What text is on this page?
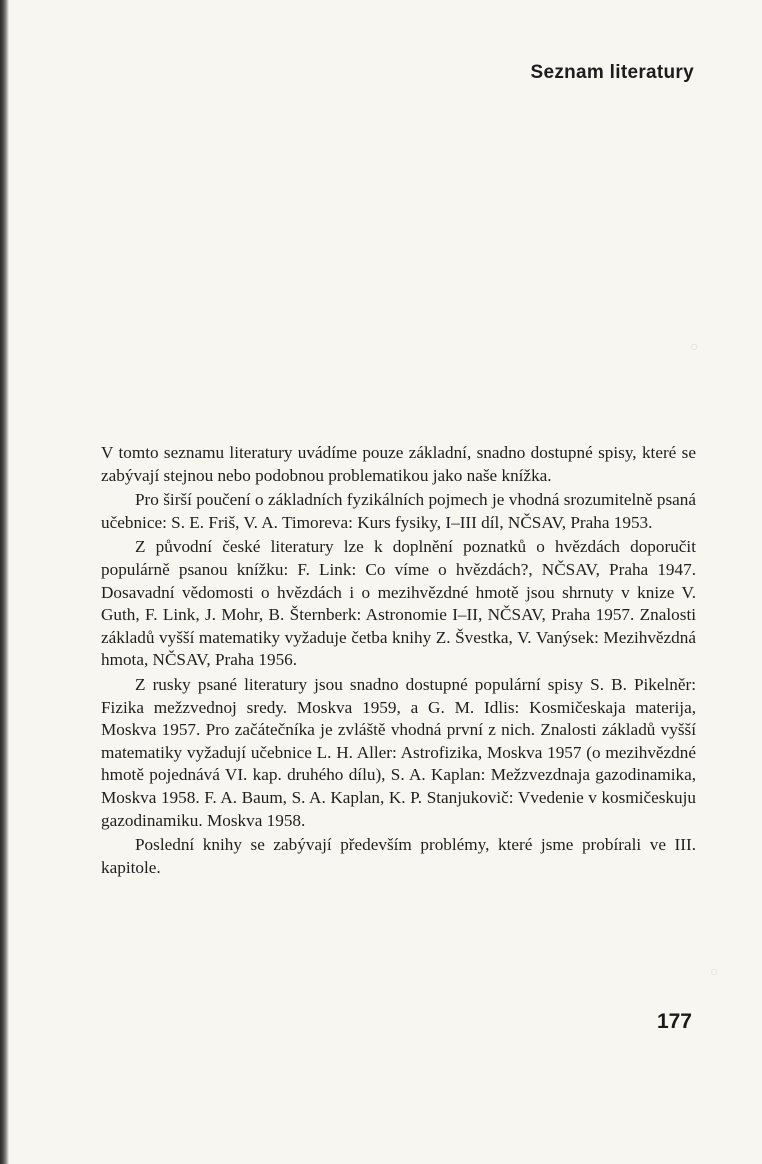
○
○
Seznam literatury

V tomto seznamu literatury uvádíme pouze základní, snadno dostupné spisy, které se zabývají stejnou nebo podobnou problematikou jako naše knížka.

Pro širší poučení o základních fyzikálních pojmech je vhodná srozumitelně psaná učebnice: S. E. Friš, V. A. Timoreva: Kurs fysiky, I–III díl, NČSAV, Praha 1953.

Z původní české literatury lze k doplnění poznatků o hvězdách doporučit populárně psanou knížku: F. Link: Co víme o hvězdách?, NČSAV, Praha 1947. Dosavadní vědomosti o hvězdách i o mezihvězdné hmotě jsou shrnuty v knize V. Guth, F. Link, J. Mohr, B. Šternberk: Astronomie I–II, NČSAV, Praha 1957. Znalosti základů vyšší matematiky vyžaduje četba knihy Z. Švestka, V. Vanýsek: Mezihvězdná hmota, NČSAV, Praha 1956.

Z rusky psané literatury jsou snadno dostupné populární spisy S. B. Pikelněr: Fizika mežzvednoj sredy. Moskva 1959, a G. M. Idlis: Kosmičeskaja materija, Moskva 1957. Pro začátečníka je zvláště vhodná první z nich. Znalosti základů vyšší matematiky vyžadují učebnice L. H. Aller: Astrofizika, Moskva 1957 (o mezihvězdné hmotě pojednává VI. kap. druhého dílu), S. A. Kaplan: Mežzvezdnaja gazodinamika, Moskva 1958. F. A. Baum, S. A. Kaplan, K. P. Stanjukovič: Vvedenie v kosmičeskuju gazodinamiku. Moskva 1958.

Poslední knihy se zabývají především problémy, které jsme probírali ve III. kapitole.

177
